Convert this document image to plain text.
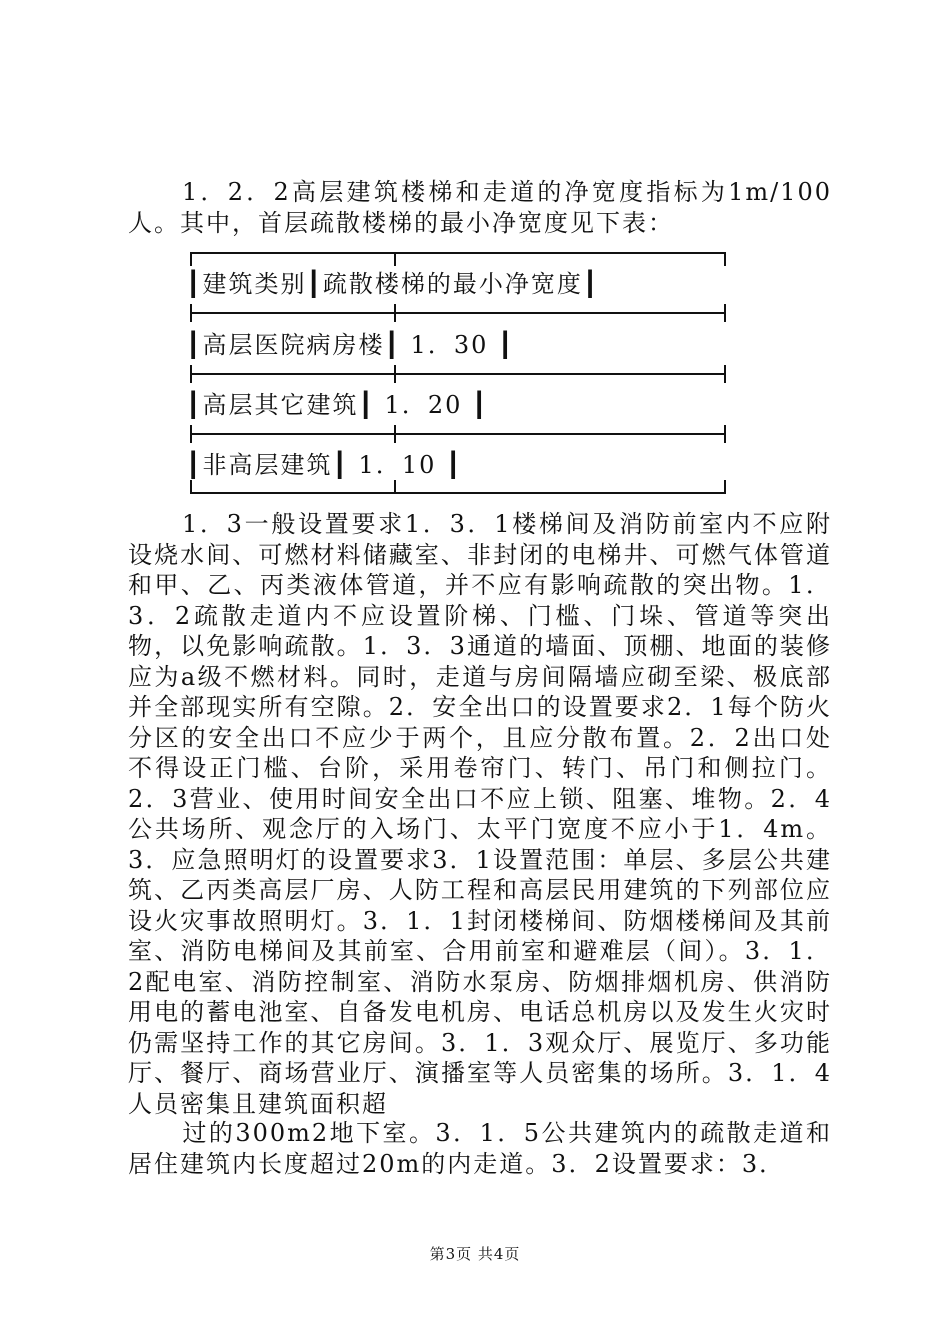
1．2．2高层建筑楼梯和走道的净宽度指标为1m/100人。其中，首层疏散楼梯的最小净宽度见下表：
┃建筑类别┃疏散楼梯的最小净宽度┃
┃高层医院病房楼┃ 1．30 ┃
┃高层其它建筑┃ 1．20 ┃
┃非高层建筑┃ 1．10 ┃
1．3一般设置要求1．3．1楼梯间及消防前室内不应附设烧水间、可燃材料储藏室、非封闭的电梯井、可燃气体管道和甲、乙、丙类液体管道，并不应有影响疏散的突出物。1．3．2疏散走道内不应设置阶梯、门槛、门垛、管道等突出物，以免影响疏散。1．3．3通道的墙面、顶棚、地面的装修应为a级不燃材料。同时，走道与房间隔墙应砌至梁、极底部并全部现实所有空隙。2．安全出口的设置要求2．1每个防火分区的安全出口不应少于两个，且应分散布置。2．2出口处不得设正门槛、台阶，采用卷帘门、转门、吊门和侧拉门。2．3营业、使用时间安全出口不应上锁、阻塞、堆物。2．4公共场所、观念厅的入场门、太平门宽度不应小于1．4m。3．应急照明灯的设置要求3．1设置范围：单层、多层公共建筑、乙丙类高层厂房、人防工程和高层民用建筑的下列部位应设火灾事故照明灯。3．1．1封闭楼梯间、防烟楼梯间及其前室、消防电梯间及其前室、合用前室和避难层（间）。3．1．2配电室、消防控制室、消防水泵房、防烟排烟机房、供消防用电的蓄电池室、自备发电机房、电话总机房以及发生火灾时仍需坚持工作的其它房间。3．1．3观众厅、展览厅、多功能厅、餐厅、商场营业厅、演播室等人员密集的场所。3．1．4人员密集且建筑面积超
过的300m2地下室。3．1．5公共建筑内的疏散走道和居住建筑内长度超过20m的内走道。3．2设置要求：3．
第3页 共4页
